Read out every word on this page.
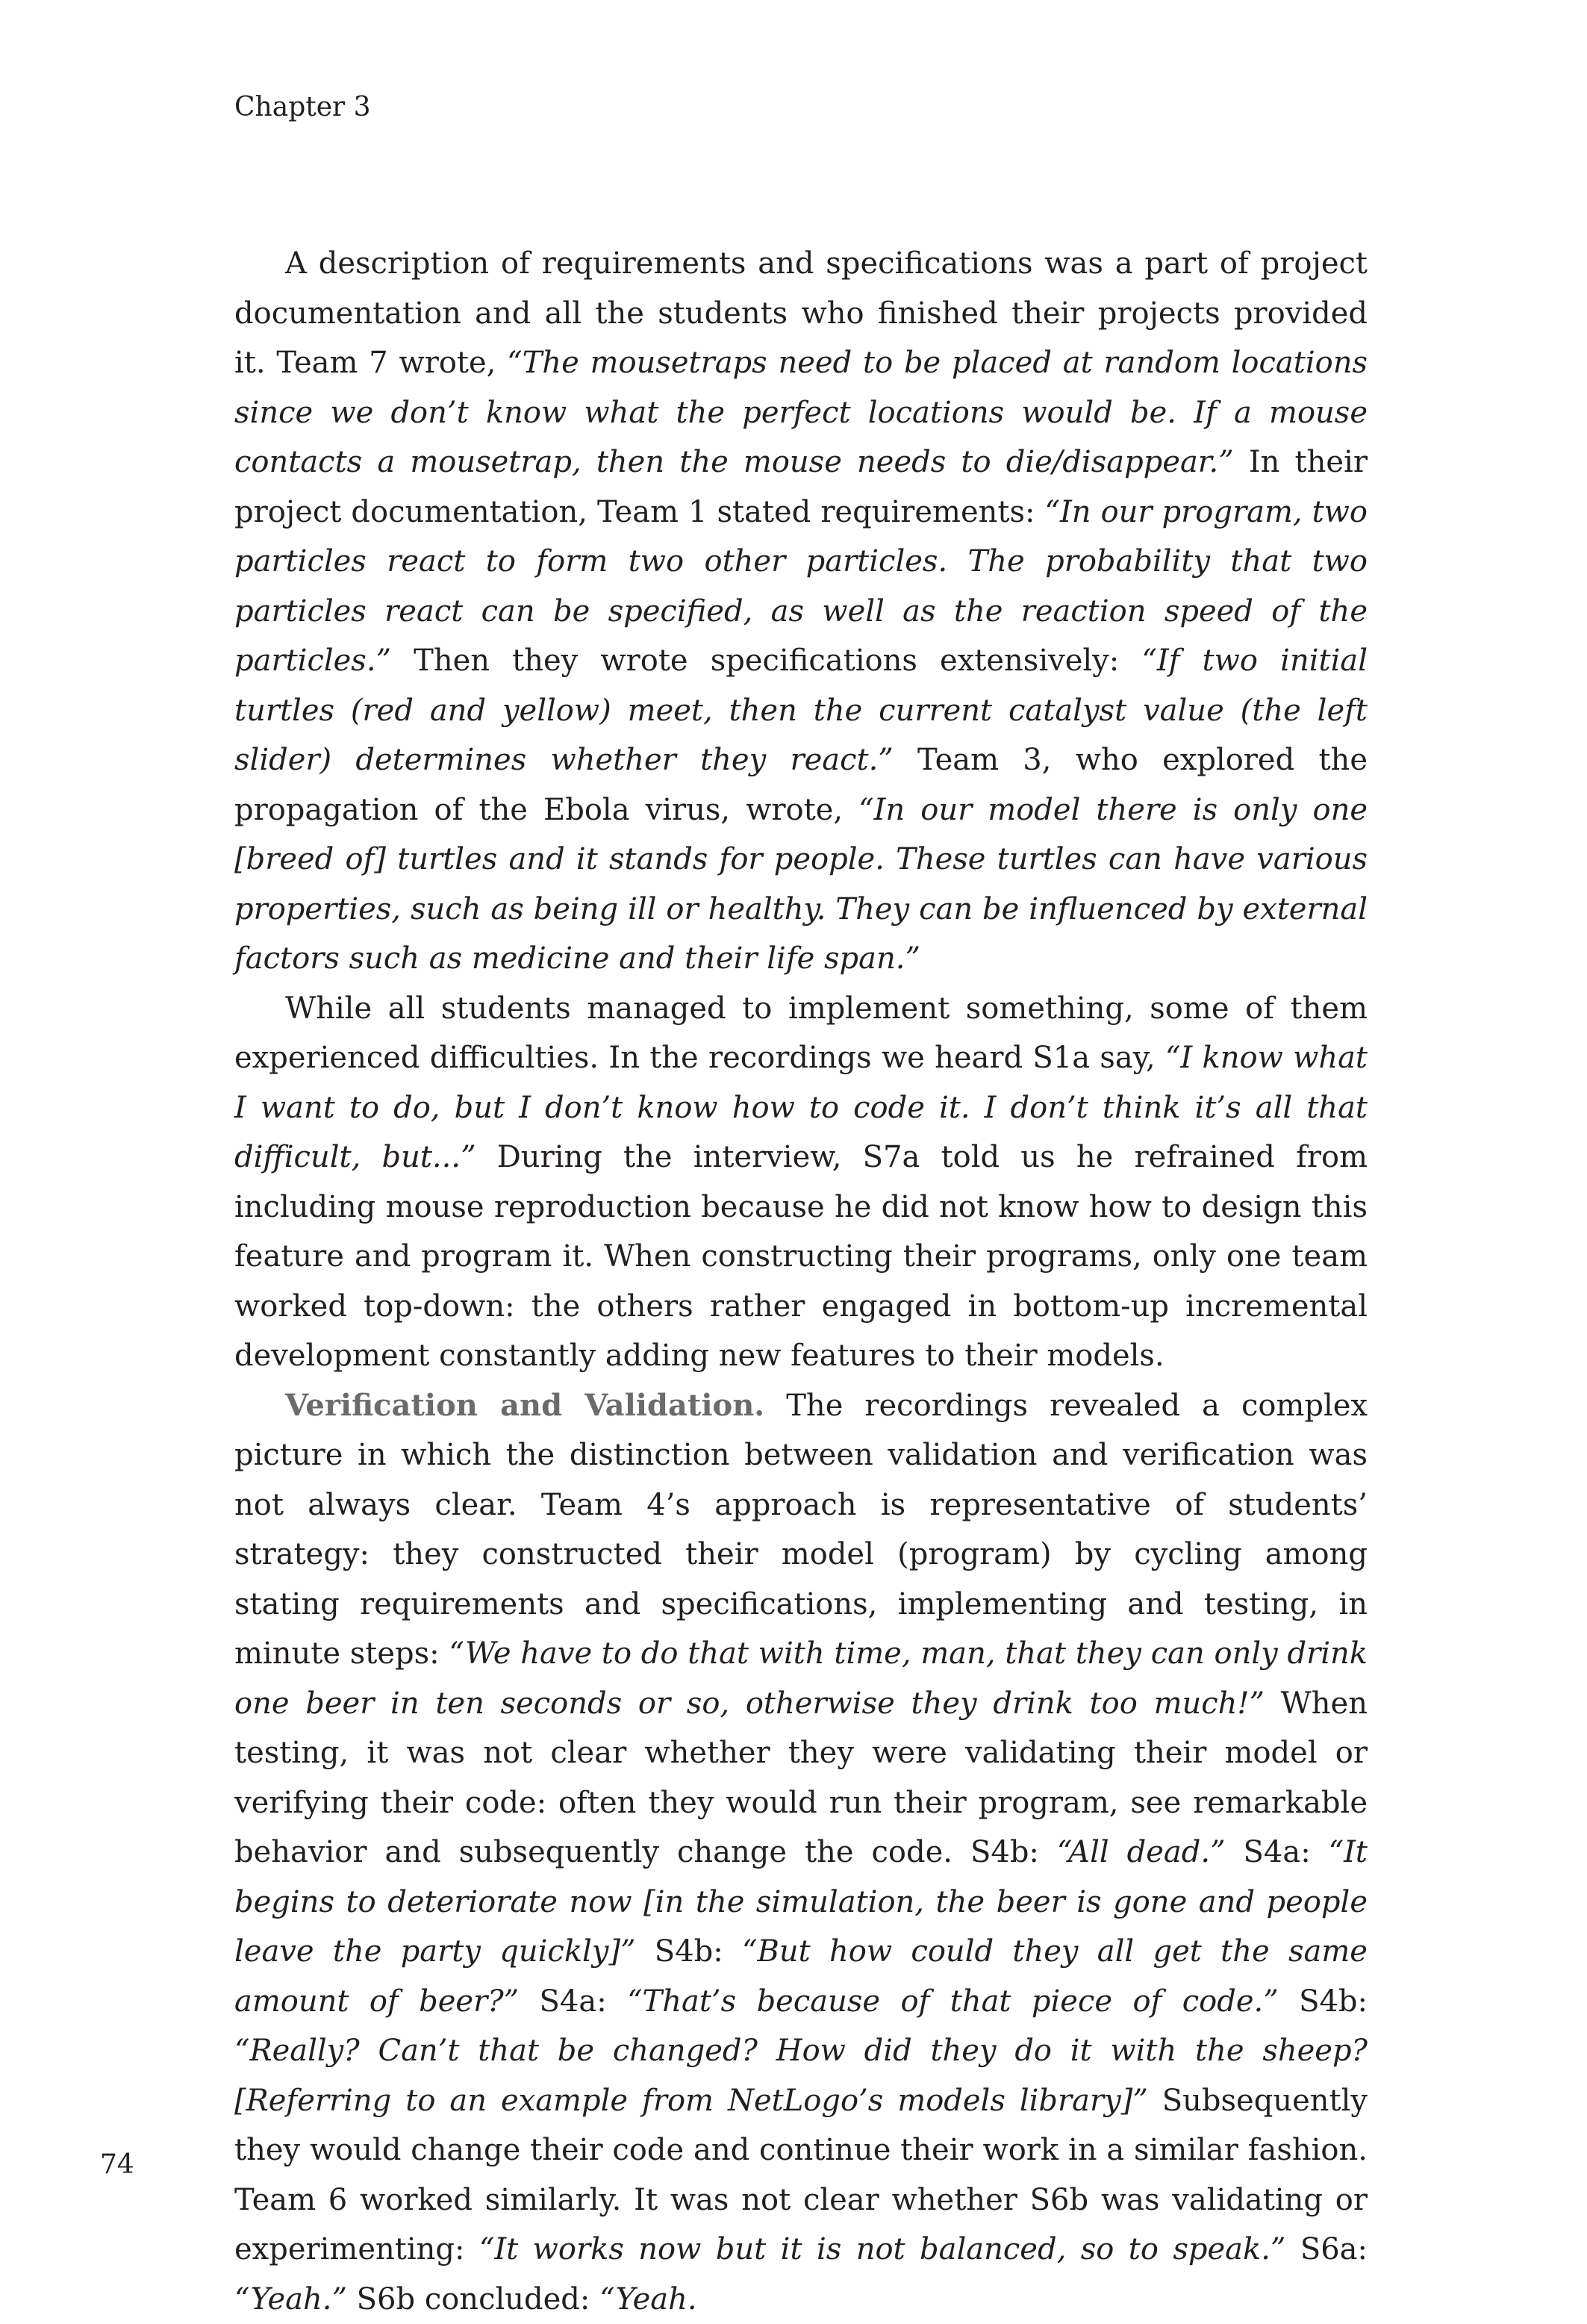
Chapter 3

A description of requirements and specifications was a part of project documentation and all the students who finished their projects provided it. Team 7 wrote, “The mousetraps need to be placed at random locations since we don’t know what the perfect locations would be. If a mouse contacts a mousetrap, then the mouse needs to die/disappear.” In their project documentation, Team 1 stated requirements: “In our program, two particles react to form two other particles. The probability that two particles react can be specified, as well as the reaction speed of the particles.” Then they wrote specifications extensively: “If two initial turtles (red and yellow) meet, then the current catalyst value (the left slider) determines whether they react.” Team 3, who explored the propagation of the Ebola virus, wrote, “In our model there is only one [breed of] turtles and it stands for people. These turtles can have various properties, such as being ill or healthy. They can be influenced by external factors such as medicine and their life span.”

While all students managed to implement something, some of them experienced difficulties. In the recordings we heard S1a say, “I know what I want to do, but I don’t know how to code it. I don’t think it’s all that difficult, but...” During the interview, S7a told us he refrained from including mouse reproduction because he did not know how to design this feature and program it. When constructing their programs, only one team worked top-down: the others rather engaged in bottom-up incremental development constantly adding new features to their models.

Verification and Validation. The recordings revealed a complex picture in which the distinction between validation and verification was not always clear. Team 4’s approach is representative of students’ strategy: they constructed their model (program) by cycling among stating requirements and specifications, implementing and testing, in minute steps: “We have to do that with time, man, that they can only drink one beer in ten seconds or so, otherwise they drink too much!” When testing, it was not clear whether they were validating their model or verifying their code: often they would run their program, see remarkable behavior and subsequently change the code. S4b: “All dead.” S4a: “It begins to deteriorate now [in the simulation, the beer is gone and people leave the party quickly]” S4b: “But how could they all get the same amount of beer?” S4a: “That’s because of that piece of code.” S4b: “Really? Can’t that be changed? How did they do it with the sheep? [Referring to an example from NetLogo’s models library]” Subsequently they would change their code and continue their work in a similar fashion. Team 6 worked similarly. It was not clear whether S6b was validating or experimenting: “It works now but it is not balanced, so to speak.” S6a: “Yeah.” S6b concluded: “Yeah.

74
